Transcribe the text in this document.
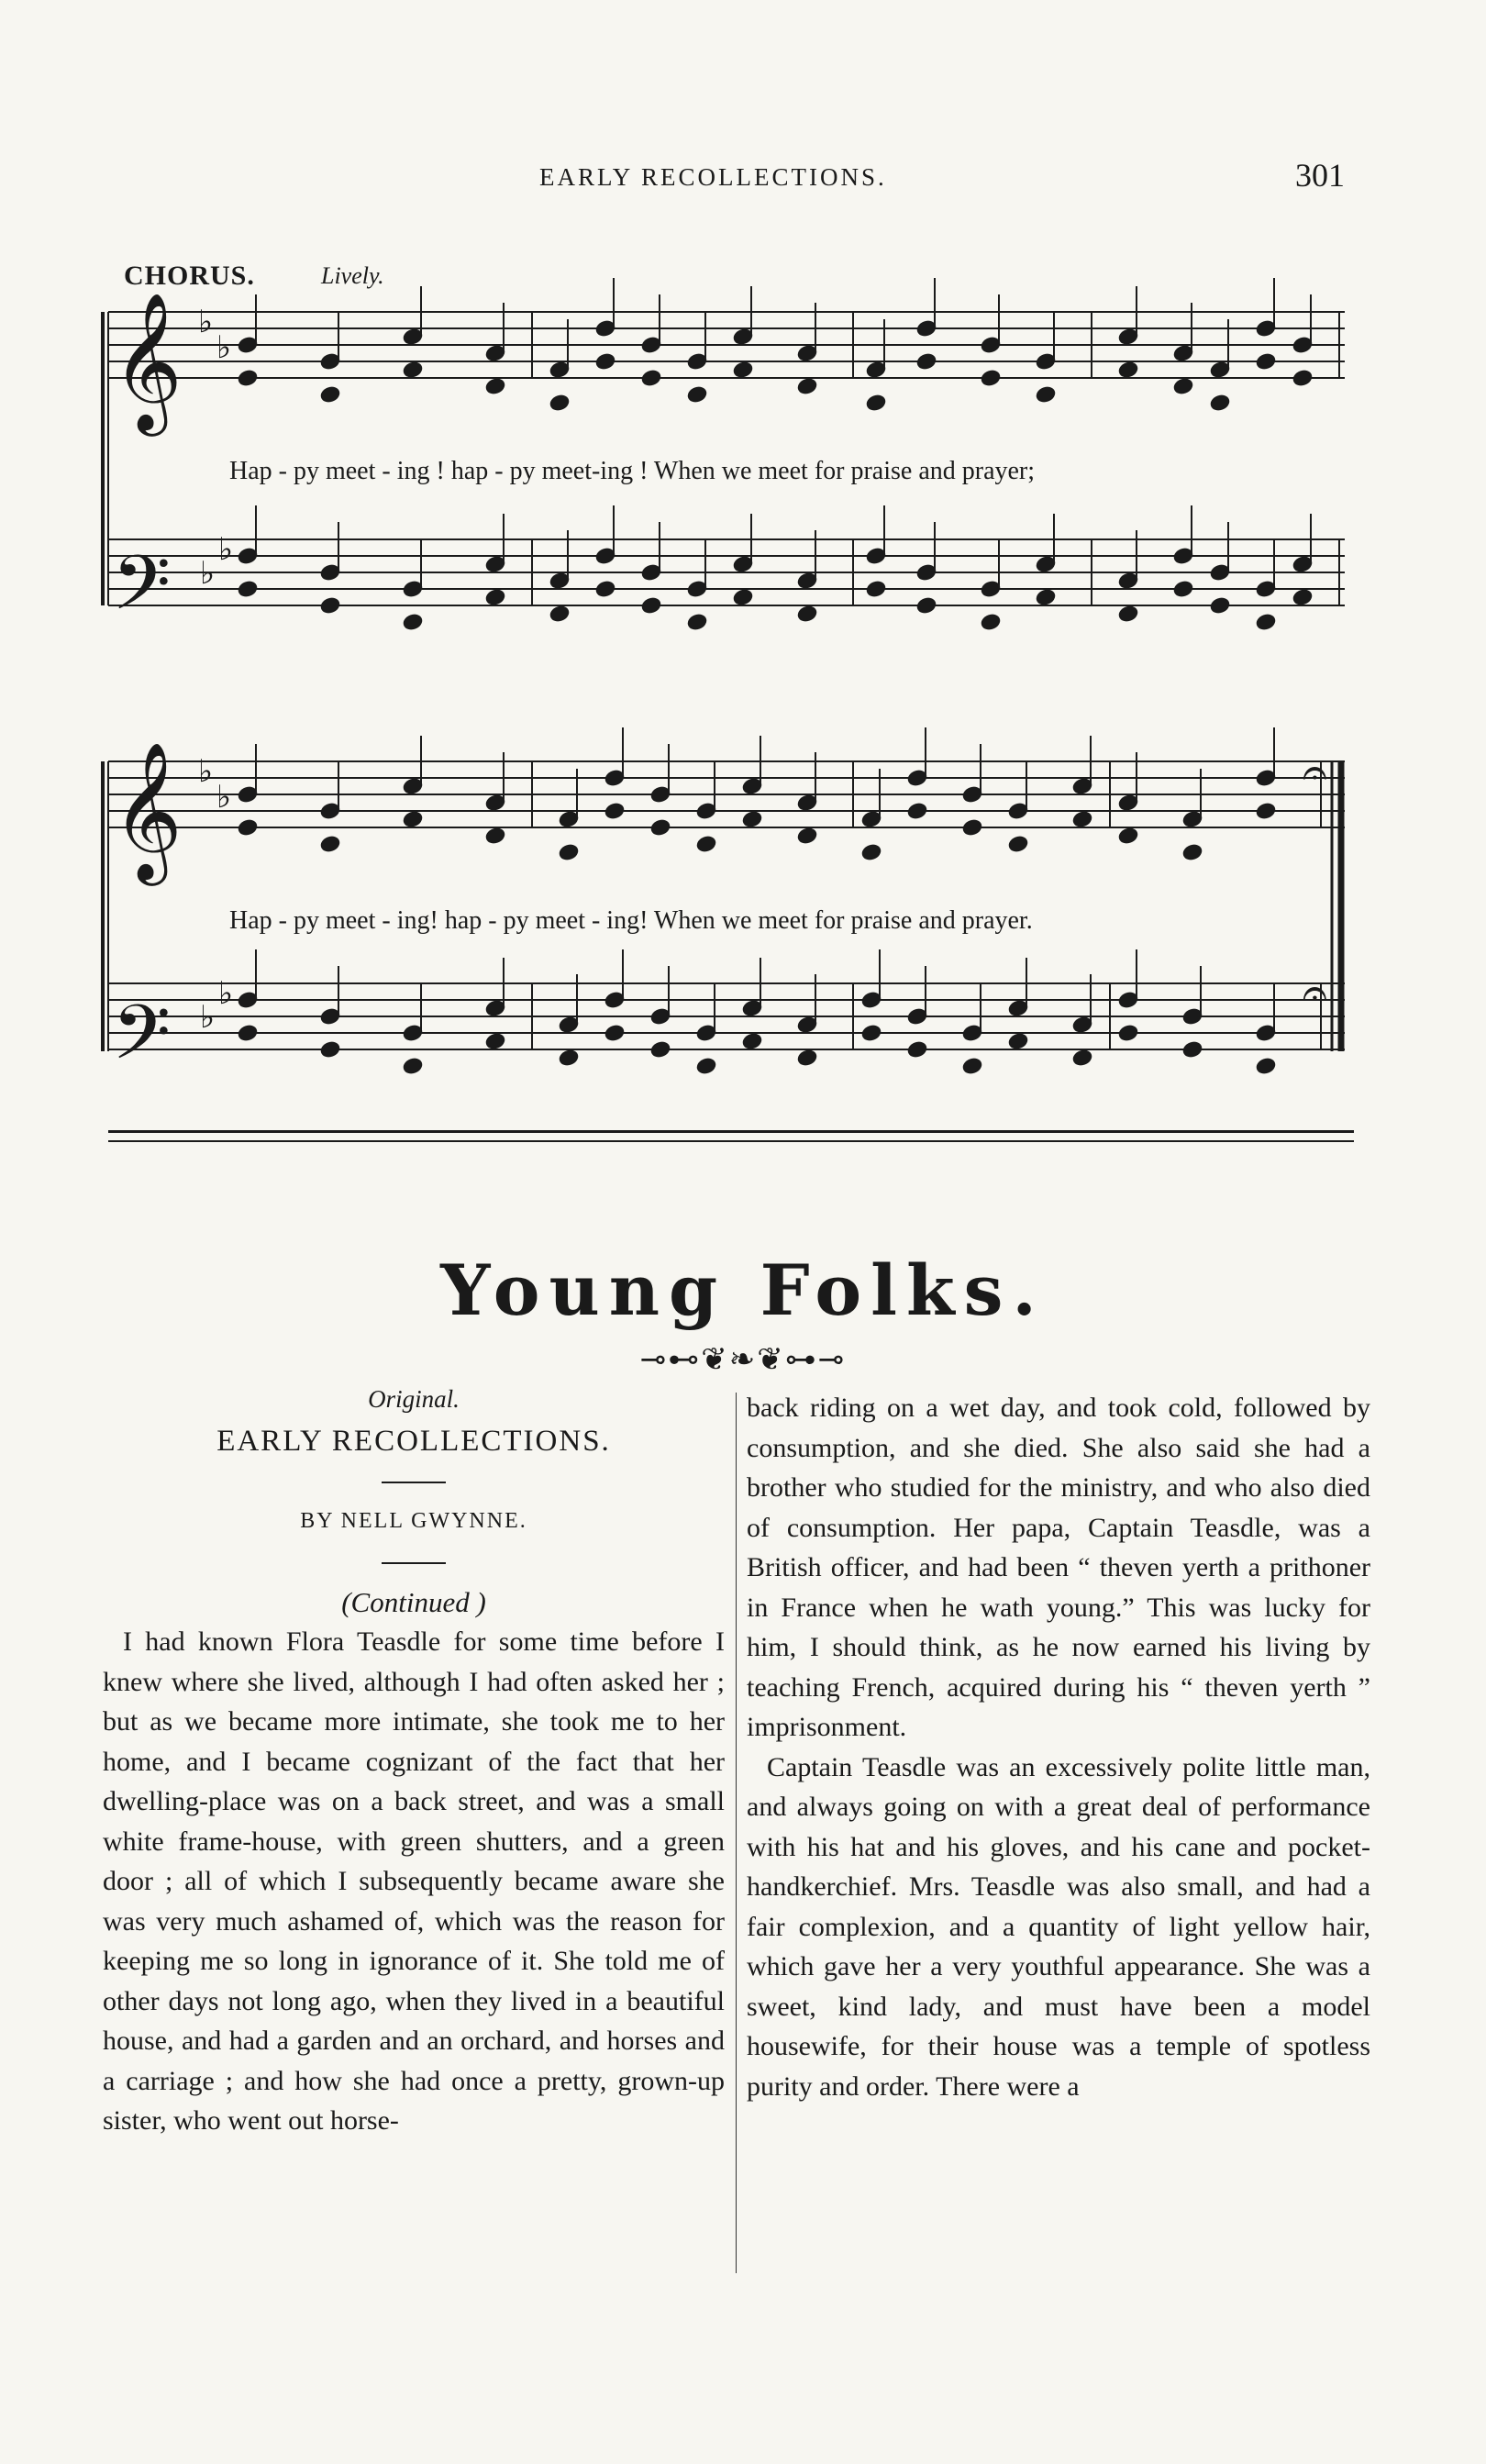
EARLY RECOLLECTIONS.	301
CHORUS.	Lively.
♭
♭
♭
♭
♭
♭
♭
♭
𝄞
𝄢
𝄞
𝄢
𝄐
𝄐
Hap - py meet - ing ! hap - py meet-ing ! When we meet for praise and prayer;
Hap - py meet - ing! hap - py meet - ing! When we meet for praise and prayer.
Young Folks.
⊸⊷❦❧❦⊶⊸
Original.
EARLY RECOLLECTIONS.
BY NELL GWYNNE.
(Continued )

I had known Flora Teasdle for some time before I knew where she lived, although I had often asked her ; but as we became more intimate, she took me to her home, and I became cognizant of the fact that her dwelling-place was on a back street, and was a small white frame-house, with green shutters, and a green door ; all of which I subsequently became aware she was very much ashamed of, which was the reason for keeping me so long in ignorance of it. She told me of other days not long ago, when they lived in a beautiful house, and had a garden and an orchard, and horses and a carriage ; and how she had once a pretty, grown-up sister, who went out horse-

back riding on a wet day, and took cold, followed by consumption, and she died. She also said she had a brother who studied for the ministry, and who also died of consumption. Her papa, Captain Teasdle, was a British officer, and had been “ theven yerth a prithoner in France when he wath young.” This was lucky for him, I should think, as he now earned his living by teaching French, acquired during his “ theven yerth ” imprisonment.

Captain Teasdle was an excessively polite little man, and always going on with a great deal of performance with his hat and his gloves, and his cane and pocket-handkerchief. Mrs. Teasdle was also small, and had a fair complexion, and a quantity of light yellow hair, which gave her a very youthful appearance. She was a sweet, kind lady, and must have been a model housewife, for their house was a temple of spotless purity and order. There were a
